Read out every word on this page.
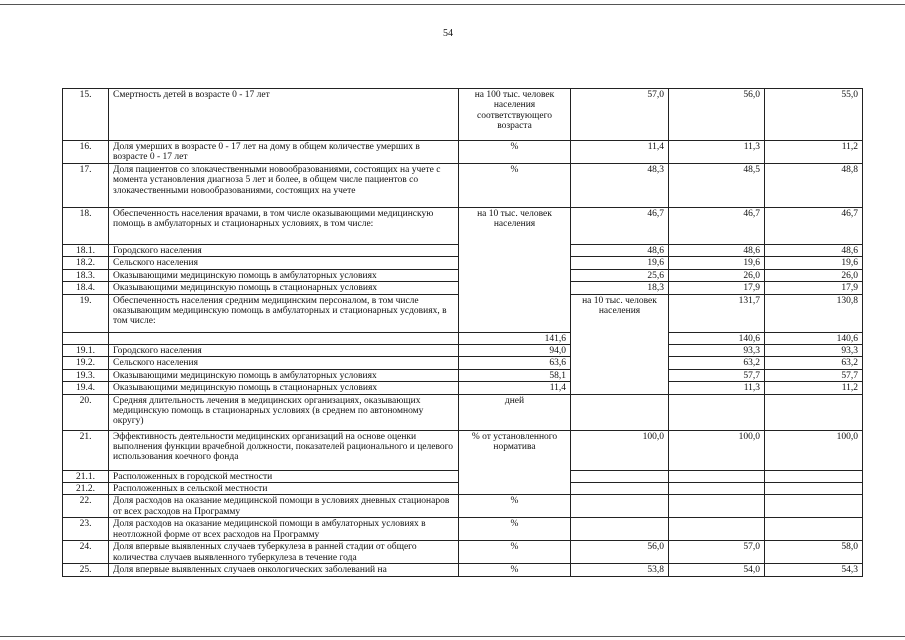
54
15.	Смертность детей в возрасте 0 - 17 лет	на 100 тыс. человек населения соответствующего возраста	57,0	56,0	55,0	
16.	Доля умерших в возрасте 0 - 17 лет на дому в общем количестве умерших в возрасте 0 - 17 лет	%	11,4	11,3	11,2	
17.	Доля пациентов со злокачественными новообразованиями, состоящих на учете с момента установления диагноза 5 лет и более, в общем числе пациентов со злокачественными новообразованиями, состоящих на учете	%	48,3	48,5	48,8	
18.	Обеспеченность населения врачами, в том числе оказывающими медицинскую помощь в амбулаторных и стационарных условиях, в том числе:	на 10 тыс. человек населения	46,7	46,7	46,7	
18.1.	Городского населения		48,6	48,6	48,6	
18.2.	Сельского населения		19,6	19,6	19,6	
18.3.	Оказывающими медицинскую помощь в амбулаторных условиях		25,6	26,0	26,0	
18.4.	Оказывающими медицинскую помощь в стационарных условиях		18,3	17,9	17,9	
19.	Обеспеченность населения средним медицинским персоналом, в том числе оказывающим медицинскую помощь в амбулаторных и стационарных усдовиях, в том числе:		на 10 тыс. человек населения	131,7	130,8	
		141,6		140,6	140,6	
19.1.	Городского населения	94,0		93,3	93,3	
19.2.	Сельского населения	63,6		63,2	63,2	
19.3.	Оказывающими медицинскую помощь в амбулаторных условиях	58,1		57,7	57,7	
19.4.	Оказывающими медицинскую помощь в стационарных условиях	11,4		11,3	11,2	
20.	Средняя длительность лечения в медицинских организациях, оказывающих медицинскую помощь в стационарных условиях (в среднем по автономному округу)	дней				
21.	Эффективность деятельности медицинских организаций на основе оценки выполнения функции врачебной должности, показателей рационального и целевого использования коечного фонда	% от установленного норматива	100,0	100,0	100,0	
21.1.	Расположенных в городской местности					
21.2.	Расположенных в сельской местности					
22.	Доля расходов на оказание медицинской помощи в условиях дневных стационаров от всех расходов на Программу	%				
23.	Доля расходов на оказание медицинской помощи в амбулаторных условиях в неотложной форме от всех расходов на Программу	%				
24.	Доля впервые выявленных случаев туберкулеза в ранней стадии от общего количества случаев выявленного туберкулеза в течение года	%	56,0	57,0	58,0	
25.	Доля впервые выявленных случаев онкологических заболеваний на	%	53,8	54,0	54,3	
